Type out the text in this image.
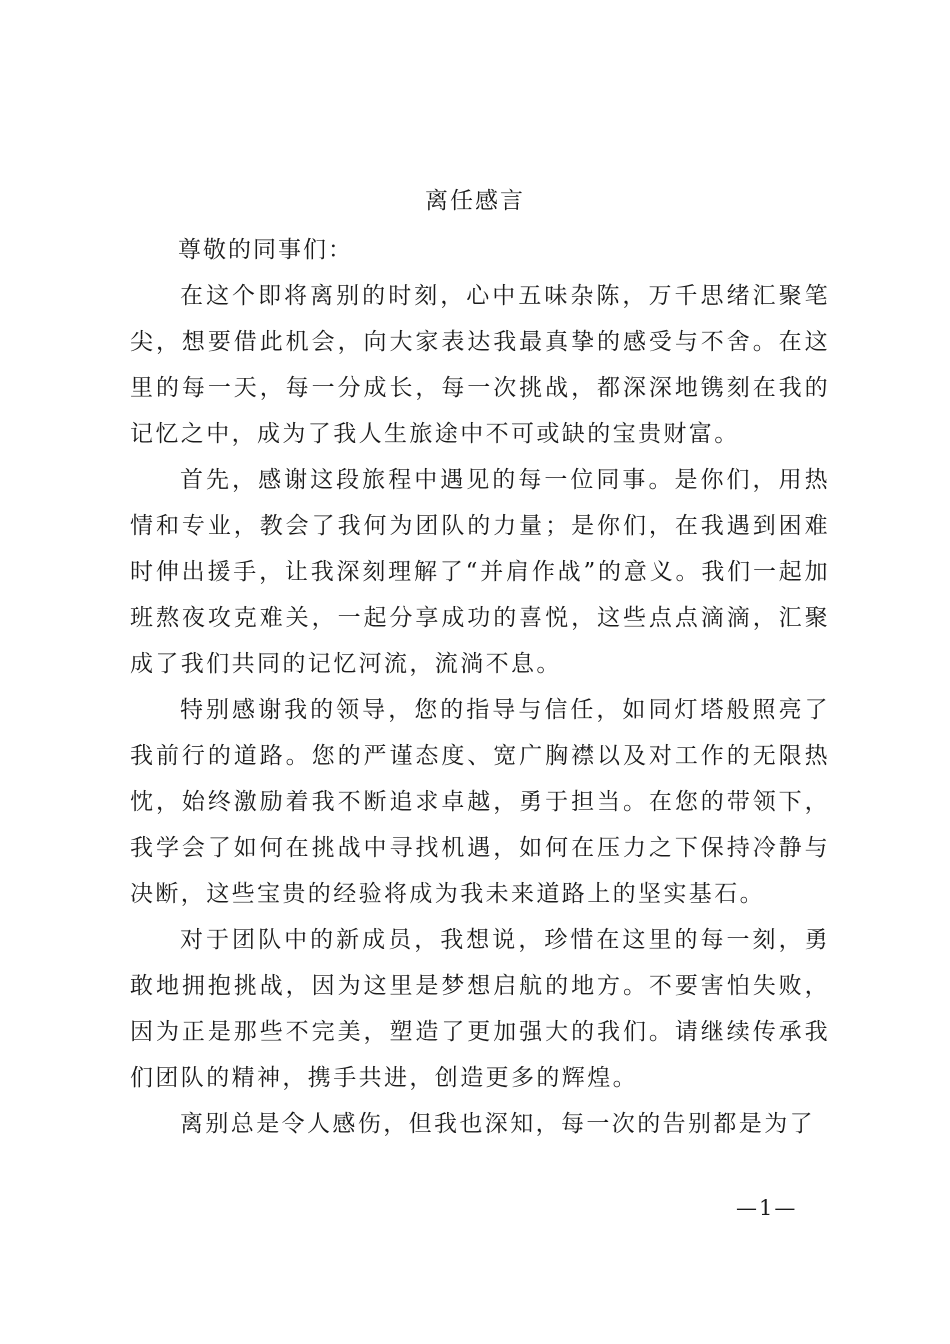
离任感言

尊敬的同事们：

在这个即将离别的时刻，心中五味杂陈，万千思绪汇聚笔尖，想要借此机会，向大家表达我最真挚的感受与不舍。在这里的每一天，每一分成长，每一次挑战，都深深地镌刻在我的记忆之中，成为了我人生旅途中不可或缺的宝贵财富。

首先，感谢这段旅程中遇见的每一位同事。是你们，用热情和专业，教会了我何为团队的力量；是你们，在我遇到困难时伸出援手，让我深刻理解了“并肩作战”的意义。我们一起加班熬夜攻克难关，一起分享成功的喜悦，这些点点滴滴，汇聚成了我们共同的记忆河流，流淌不息。

特别感谢我的领导，您的指导与信任，如同灯塔般照亮了我前行的道路。您的严谨态度、宽广胸襟以及对工作的无限热忱，始终激励着我不断追求卓越，勇于担当。在您的带领下，我学会了如何在挑战中寻找机遇，如何在压力之下保持冷静与决断，这些宝贵的经验将成为我未来道路上的坚实基石。

对于团队中的新成员，我想说，珍惜在这里的每一刻，勇敢地拥抱挑战，因为这里是梦想启航的地方。不要害怕失败，因为正是那些不完美，塑造了更加强大的我们。请继续传承我们团队的精神，携手共进，创造更多的辉煌。

离别总是令人感伤，但我也深知，每一次的告别都是为了

—1—
